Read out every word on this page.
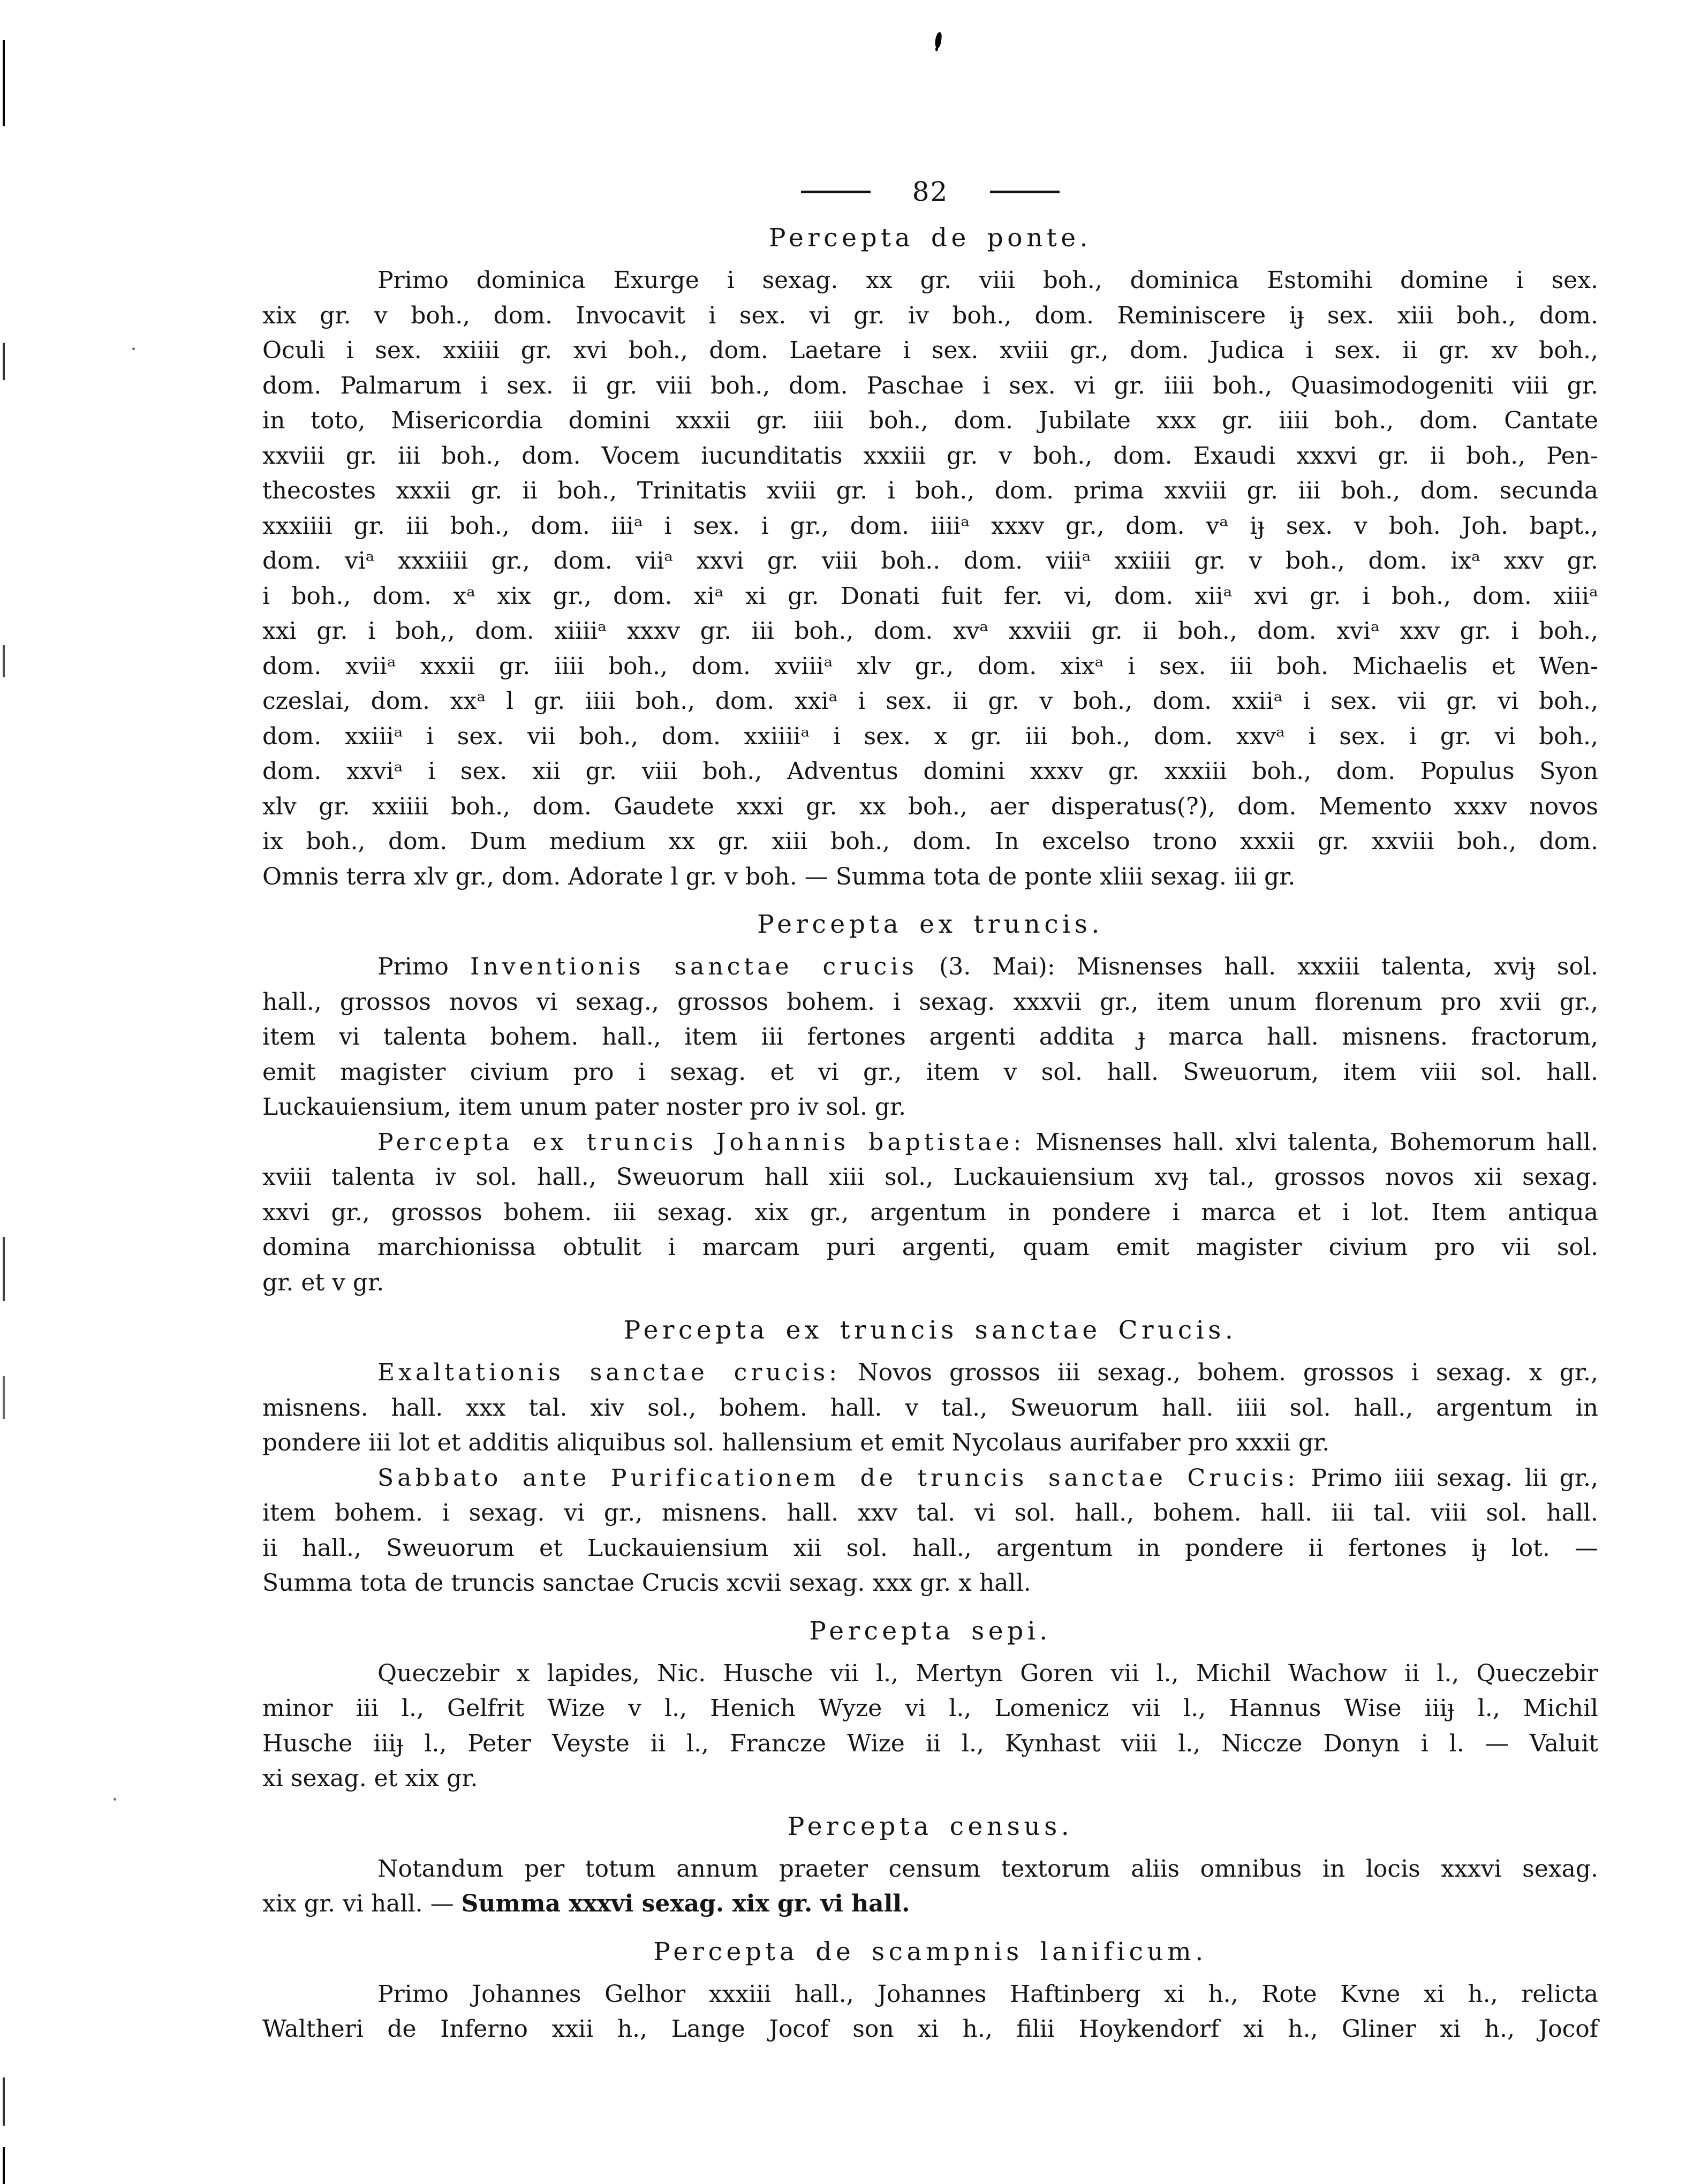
82
Percepta de ponte.
Primo dominica Exurge i sexag. xx gr. viii boh., dominica Estomihi domine i sex.
xix gr. v boh., dom. Invocavit i sex. vi gr. iv boh., dom. Reminiscere iɟ sex. xiii boh., dom.
Oculi i sex. xxiiii gr. xvi boh., dom. Laetare i sex. xviii gr., dom. Judica i sex. ii gr. xv boh.,
dom. Palmarum i sex. ii gr. viii boh., dom. Paschae i sex. vi gr. iiii boh., Quasimodogeniti viii gr.
in toto, Misericordia domini xxxii gr. iiii boh., dom. Jubilate xxx gr. iiii boh., dom. Cantate
xxviii gr. iii boh., dom. Vocem iucunditatis xxxiii gr. v boh., dom. Exaudi xxxvi gr. ii boh., Pen-
thecostes xxxii gr. ii boh., Trinitatis xviii gr. i boh., dom. prima xxviii gr. iii boh., dom. secunda
xxxiiii gr. iii boh., dom. iiiᵃ i sex. i gr., dom. iiiiᵃ xxxv gr., dom. vᵃ iɟ sex. v boh. Joh. bapt.,
dom. viᵃ xxxiiii gr., dom. viiᵃ xxvi gr. viii boh.. dom. viiiᵃ xxiiii gr. v boh., dom. ixᵃ xxv gr.
i boh., dom. xᵃ xix gr., dom. xiᵃ xi gr. Donati fuit fer. vi, dom. xiiᵃ xvi gr. i boh., dom. xiiiᵃ
xxi gr. i boh,, dom. xiiiiᵃ xxxv gr. iii boh., dom. xvᵃ xxviii gr. ii boh., dom. xviᵃ xxv gr. i boh.,
dom. xviiᵃ xxxii gr. iiii boh., dom. xviiiᵃ xlv gr., dom. xixᵃ i sex. iii boh. Michaelis et Wen-
czeslai, dom. xxᵃ l gr. iiii boh., dom. xxiᵃ i sex. ii gr. v boh., dom. xxiiᵃ i sex. vii gr. vi boh.,
dom. xxiiiᵃ i sex. vii boh., dom. xxiiiiᵃ i sex. x gr. iii boh., dom. xxvᵃ i sex. i gr. vi boh.,
dom. xxviᵃ i sex. xii gr. viii boh., Adventus domini xxxv gr. xxxiii boh., dom. Populus Syon
xlv gr. xxiiii boh., dom. Gaudete xxxi gr. xx boh., aer disperatus(?), dom. Memento xxxv novos
ix boh., dom. Dum medium xx gr. xiii boh., dom. In excelso trono xxxii gr. xxviii boh., dom.
Omnis terra xlv gr., dom. Adorate l gr. v boh. — Summa tota de ponte xliii sexag. iii gr.
Percepta ex truncis.
Primo Inventionis sanctae crucis (3. Mai): Misnenses hall. xxxiii talenta, xviɟ sol.
hall., grossos novos vi sexag., grossos bohem. i sexag. xxxvii gr., item unum florenum pro xvii gr.,
item vi talenta bohem. hall., item iii fertones argenti addita ɟ marca hall. misnens. fractorum,
emit magister civium pro i sexag. et vi gr., item v sol. hall. Sweuorum, item viii sol. hall.
Luckauiensium, item unum pater noster pro iv sol. gr.
Percepta ex truncis Johannis baptistae: Misnenses hall. xlvi talenta, Bohemorum hall.
xviii talenta iv sol. hall., Sweuorum hall xiii sol., Luckauiensium xvɟ tal., grossos novos xii sexag.
xxvi gr., grossos bohem. iii sexag. xix gr., argentum in pondere i marca et i lot. Item antiqua
domina marchionissa obtulit i marcam puri argenti, quam emit magister civium pro vii sol.
gr. et v gr.
Percepta ex truncis sanctae Crucis.
Exaltationis sanctae crucis: Novos grossos iii sexag., bohem. grossos i sexag. x gr.,
misnens. hall. xxx tal. xiv sol., bohem. hall. v tal., Sweuorum hall. iiii sol. hall., argentum in
pondere iii lot et additis aliquibus sol. hallensium et emit Nycolaus aurifaber pro xxxii gr.
Sabbato ante Purificationem de truncis sanctae Crucis: Primo iiii sexag. lii gr.,
item bohem. i sexag. vi gr., misnens. hall. xxv tal. vi sol. hall., bohem. hall. iii tal. viii sol. hall.
ii hall., Sweuorum et Luckauiensium xii sol. hall., argentum in pondere ii fertones iɟ lot. —
Summa tota de truncis sanctae Crucis xcvii sexag. xxx gr. x hall.
Percepta sepi.
Queczebir x lapides, Nic. Husche vii l., Mertyn Goren vii l., Michil Wachow ii l., Queczebir
minor iii l., Gelfrit Wize v l., Henich Wyze vi l., Lomenicz vii l., Hannus Wise iiiɟ l., Michil
Husche iiiɟ l., Peter Veyste ii l., Francze Wize ii l., Kynhast viii l., Niccze Donyn i l. — Valuit
xi sexag. et xix gr.
Percepta census.
Notandum per totum annum praeter censum textorum aliis omnibus in locis xxxvi sexag.
xix gr. vi hall. — Summa xxxvi sexag. xix gr. vi hall.
Percepta de scampnis lanificum.
Primo Johannes Gelhor xxxiii hall., Johannes Haftinberg xi h., Rote Kvne xi h., relicta
Waltheri de Inferno xxii h., Lange Jocof son xi h., filii Hoykendorf xi h., Gliner xi h., Jocof
